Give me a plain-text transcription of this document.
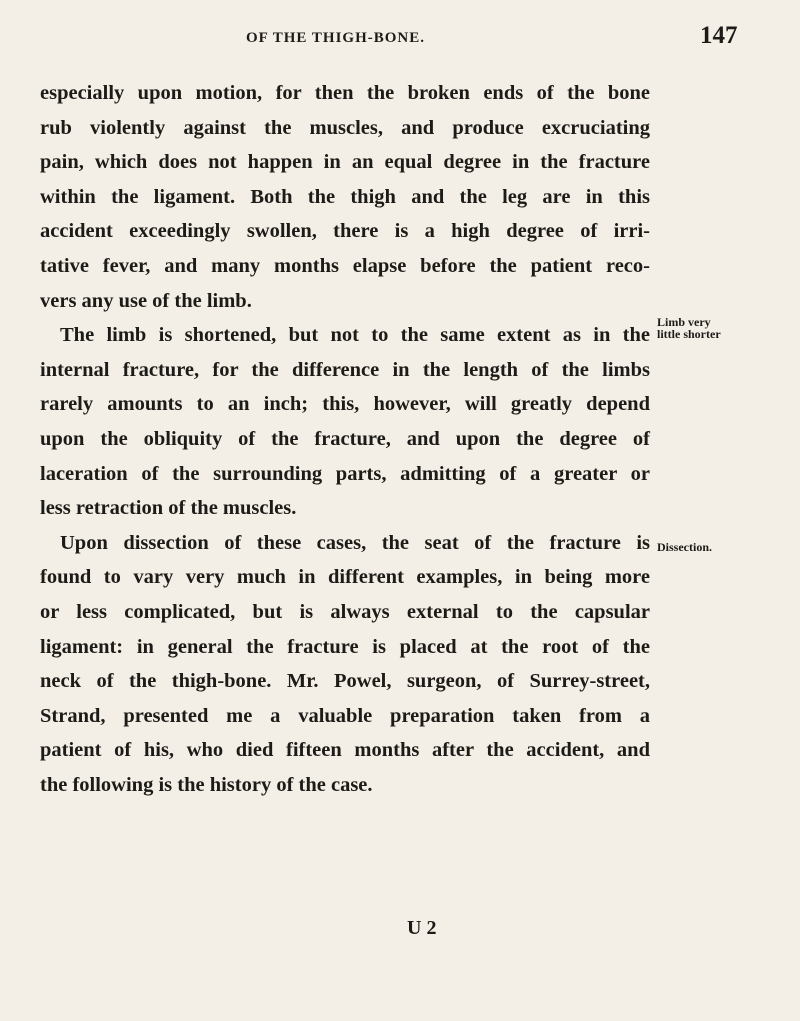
OF THE THIGH-BONE.	147
especially upon motion, for then the broken ends of the bone
rub violently against the muscles, and produce excruciating
pain, which does not happen in an equal degree in the fracture
within the ligament. Both the thigh and the leg are in this
accident exceedingly swollen, there is a high degree of irri-
tative fever, and many months elapse before the patient reco-
vers any use of the limb.
The limb is shortened, but not to the same extent as in the
internal fracture, for the difference in the length of the limbs
rarely amounts to an inch; this, however, will greatly depend
upon the obliquity of the fracture, and upon the degree of
laceration of the surrounding parts, admitting of a greater or
less retraction of the muscles.
Upon dissection of these cases, the seat of the fracture is
found to vary very much in different examples, in being more
or less complicated, but is always external to the capsular
ligament: in general the fracture is placed at the root of the
neck of the thigh-bone. Mr. Powel, surgeon, of Surrey-street,
Strand, presented me a valuable preparation taken from a
patient of his, who died fifteen months after the accident, and
the following is the history of the case.
Limb very
little shorter
Dissection.
U 2
